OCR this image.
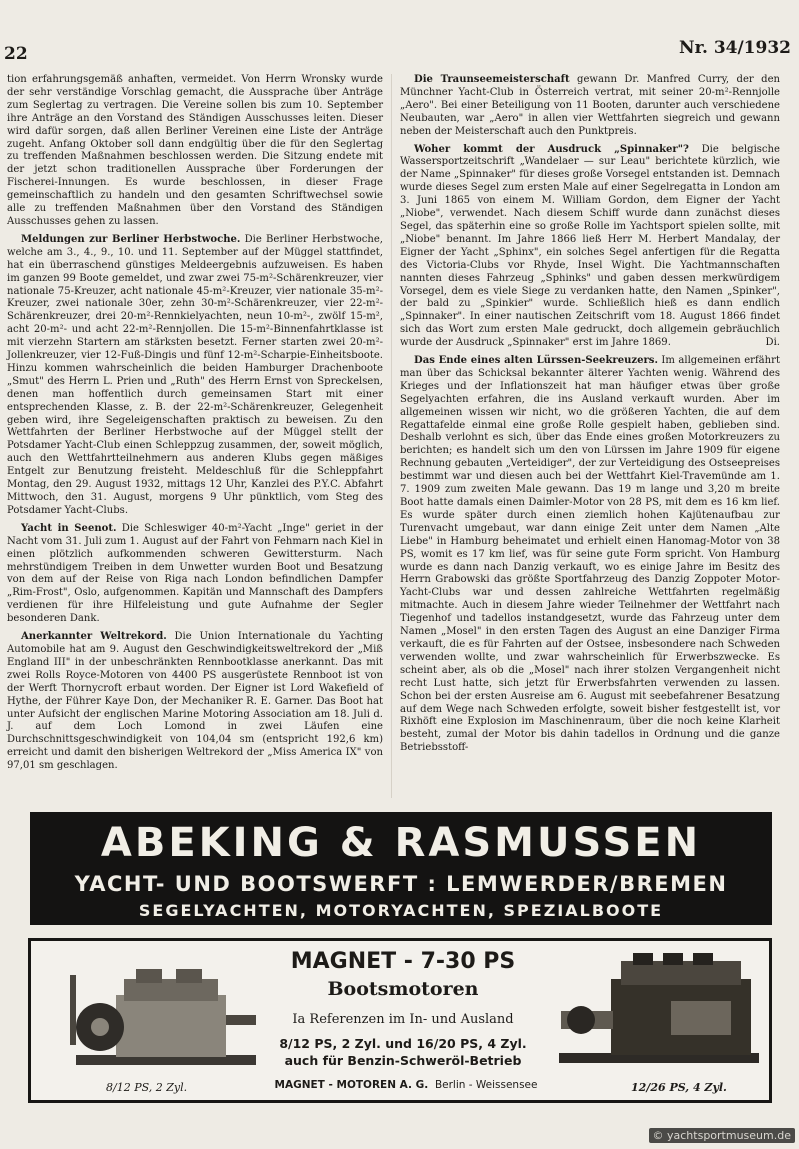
22	Nr. 34/1932

tion erfahrungsgemäß anhaften, vermeidet. Von Herrn Wronsky wurde der sehr verständige Vorschlag gemacht, die Aussprache über Anträge zum Seglertag zu vertragen. Die Vereine sollen bis zum 10. September ihre Anträge an den Vorstand des Ständigen Ausschusses leiten. Dieser wird dafür sorgen, daß allen Berliner Vereinen eine Liste der Anträge zugeht. Anfang Oktober soll dann endgültig über die für den Seglertag zu treffenden Maßnahmen beschlossen werden. Die Sitzung endete mit der jetzt schon traditionellen Aussprache über Forderungen der Fischerei-Innungen. Es wurde beschlossen, in dieser Frage gemeinschaftlich zu handeln und den gesamten Schriftwechsel sowie alle zu treffenden Maßnahmen über den Vorstand des Ständigen Ausschusses gehen zu lassen.

Meldungen zur Berliner Herbstwoche. Die Berliner Herbstwoche, welche am 3., 4., 9., 10. und 11. September auf der Müggel stattfindet, hat ein überraschend günstiges Meldeergebnis aufzuweisen. Es haben im ganzen 99 Boote gemeldet, und zwar zwei 75-m²-Schärenkreuzer, vier nationale 75-Kreuzer, acht nationale 45-m²-Kreuzer, vier nationale 35-m²-Kreuzer, zwei nationale 30er, zehn 30-m²-Schärenkreuzer, vier 22-m²-Schärenkreuzer, drei 20-m²-Rennkielyachten, neun 10-m²-, zwölf 15-m², acht 20-m²- und acht 22-m²-Rennjollen. Die 15-m²-Binnenfahrtklasse ist mit vierzehn Startern am stärksten besetzt. Ferner starten zwei 20-m²-Jollenkreuzer, vier 12-Fuß-Dingis und fünf 12-m²-Scharpie-Einheitsboote. Hinzu kommen wahrscheinlich die beiden Hamburger Drachenboote „Smut" des Herrn L. Prien und „Ruth" des Herrn Ernst von Spreckelsen, denen man hoffentlich durch gemeinsamen Start mit einer entsprechenden Klasse, z. B. der 22-m²-Schärenkreuzer, Gelegenheit geben wird, ihre Segeleigenschaften praktisch zu beweisen. Zu den Wettfahrten der Berliner Herbstwoche auf der Müggel stellt der Potsdamer Yacht-Club einen Schleppzug zusammen, der, soweit möglich, auch den Wettfahrtteilnehmern aus anderen Klubs gegen mäßiges Entgelt zur Benutzung freisteht. Meldeschluß für die Schleppfahrt Montag, den 29. August 1932, mittags 12 Uhr, Kanzlei des P.Y.C. Abfahrt Mittwoch, den 31. August, morgens 9 Uhr pünktlich, vom Steg des Potsdamer Yacht-Clubs.

Yacht in Seenot. Die Schleswiger 40-m²-Yacht „Inge" geriet in der Nacht vom 31. Juli zum 1. August auf der Fahrt von Fehmarn nach Kiel in einen plötzlich aufkommenden schweren Gewittersturm. Nach mehrstündigem Treiben in dem Unwetter wurden Boot und Besatzung von dem auf der Reise von Riga nach London befindlichen Dampfer „Rim-Frost", Oslo, aufgenommen. Kapitän und Mannschaft des Dampfers verdienen für ihre Hilfeleistung und gute Aufnahme der Segler besonderen Dank.

Anerkannter Weltrekord. Die Union Internationale du Yachting Automobile hat am 9. August den Geschwindigkeitsweltrekord der „Miß England III" in der unbeschränkten Rennbootklasse anerkannt. Das mit zwei Rolls Royce-Motoren von 4400 PS ausgerüstete Rennboot ist von der Werft Thornycroft erbaut worden. Der Eigner ist Lord Wakefield of Hythe, der Führer Kaye Don, der Mechaniker R. E. Garner. Das Boot hat unter Aufsicht der englischen Marine Motoring Association am 18. Juli d. J. auf dem Loch Lomond in zwei Läufen eine Durchschnittsgeschwindigkeit von 104,04 sm (entspricht 192,6 km) erreicht und damit den bisherigen Weltrekord der „Miss America IX" von 97,01 sm geschlagen.

Die Traunseemeisterschaft gewann Dr. Manfred Curry, der den Münchner Yacht-Club in Österreich vertrat, mit seiner 20-m²-Rennjolle „Aero". Bei einer Beteiligung von 11 Booten, darunter auch verschiedene Neubauten, war „Aero" in allen vier Wettfahrten siegreich und gewann neben der Meisterschaft auch den Punktpreis.

Woher kommt der Ausdruck „Spinnaker"? Die belgische Wassersportzeitschrift „Wandelaer — sur Leau" berichtete kürzlich, wie der Name „Spinnaker" für dieses große Vorsegel entstanden ist. Demnach wurde dieses Segel zum ersten Male auf einer Segelregatta in London am 3. Juni 1865 von einem M. William Gordon, dem Eigner der Yacht „Niobe", verwendet. Nach diesem Schiff wurde dann zunächst dieses Segel, das späterhin eine so große Rolle im Yachtsport spielen sollte, mit „Niobe" benannt. Im Jahre 1866 ließ Herr M. Herbert Mandalay, der Eigner der Yacht „Sphinx", ein solches Segel anfertigen für die Regatta des Victoria-Clubs vor Rhyde, Insel Wight. Die Yachtmannschaften nannten dieses Fahrzeug „Sphinks" und gaben dessen merkwürdigem Vorsegel, dem es viele Siege zu verdanken hatte, den Namen „Spinker", der bald zu „Spinkier" wurde. Schließlich hieß es dann endlich „Spinnaker". In einer nautischen Zeitschrift vom 18. August 1866 findet sich das Wort zum ersten Male gedruckt, doch allgemein gebräuchlich wurde der Ausdruck „Spinnaker" erst im Jahre 1869.	Di.

Das Ende eines alten Lürssen-Seekreuzers. Im allgemeinen erfährt man über das Schicksal bekannter älterer Yachten wenig. Während des Krieges und der Inflationszeit hat man häufiger etwas über große Segelyachten erfahren, die ins Ausland verkauft wurden. Aber im allgemeinen wissen wir nicht, wo die größeren Yachten, die auf dem Regattafelde einmal eine große Rolle gespielt haben, geblieben sind. Deshalb verlohnt es sich, über das Ende eines großen Motorkreuzers zu berichten; es handelt sich um den von Lürssen im Jahre 1909 für eigene Rechnung gebauten „Verteidiger", der zur Verteidigung des Ostseepreises bestimmt war und diesen auch bei der Wettfahrt Kiel-Travemünde am 1. 7. 1909 zum zweiten Male gewann. Das 19 m lange und 3,20 m breite Boot hatte damals einen Daimler-Motor von 28 PS, mit dem es 16 km lief. Es wurde später durch einen ziemlich hohen Kajütenaufbau zur Turenvacht umgebaut, war dann einige Zeit unter dem Namen „Alte Liebe" in Hamburg beheimatet und erhielt einen Hanomag-Motor von 38 PS, womit es 17 km lief, was für seine gute Form spricht. Von Hamburg wurde es dann nach Danzig verkauft, wo es einige Jahre im Besitz des Herrn Grabowski das größte Sportfahrzeug des Danzig Zoppoter Motor-Yacht-Clubs war und dessen zahlreiche Wettfahrten regelmäßig mitmachte. Auch in diesem Jahre wieder Teilnehmer der Wettfahrt nach Tiegenhof und tadellos instandgesetzt, wurde das Fahrzeug unter dem Namen „Mosel" in den ersten Tagen des August an eine Danziger Firma verkauft, die es für Fahrten auf der Ostsee, insbesondere nach Schweden verwenden wollte, und zwar wahrscheinlich für Erwerbszwecke. Es scheint aber, als ob die „Mosel" nach ihrer stolzen Vergangenheit nicht recht Lust hatte, sich jetzt für Erwerbsfahrten verwenden zu lassen. Schon bei der ersten Ausreise am 6. August mit seebefahrener Besatzung auf dem Wege nach Schweden erfolgte, soweit bisher festgestellt ist, vor Rixhöft eine Explosion im Maschinenraum, über die noch keine Klarheit besteht, zumal der Motor bis dahin tadellos in Ordnung und die ganze Betriebsstoff-

ABEKING & RASMUSSEN
YACHT- UND BOOTSWERFT : LEMWERDER/BREMEN
SEGELYACHTEN, MOTORYACHTEN, SPEZIALBOOTE
MAGNET - 7-30 PS
Bootsmotoren
Ia Referenzen im In- und Ausland
8/12 PS, 2 Zyl. und 16/20 PS, 4 Zyl.
auch für Benzin-Schweröl-Betrieb
MAGNET - MOTOREN A. G. Berlin - Weissensee
8/12 PS, 2 Zyl.	12/26 PS, 4 Zyl.
© yachtsportmuseum.de
